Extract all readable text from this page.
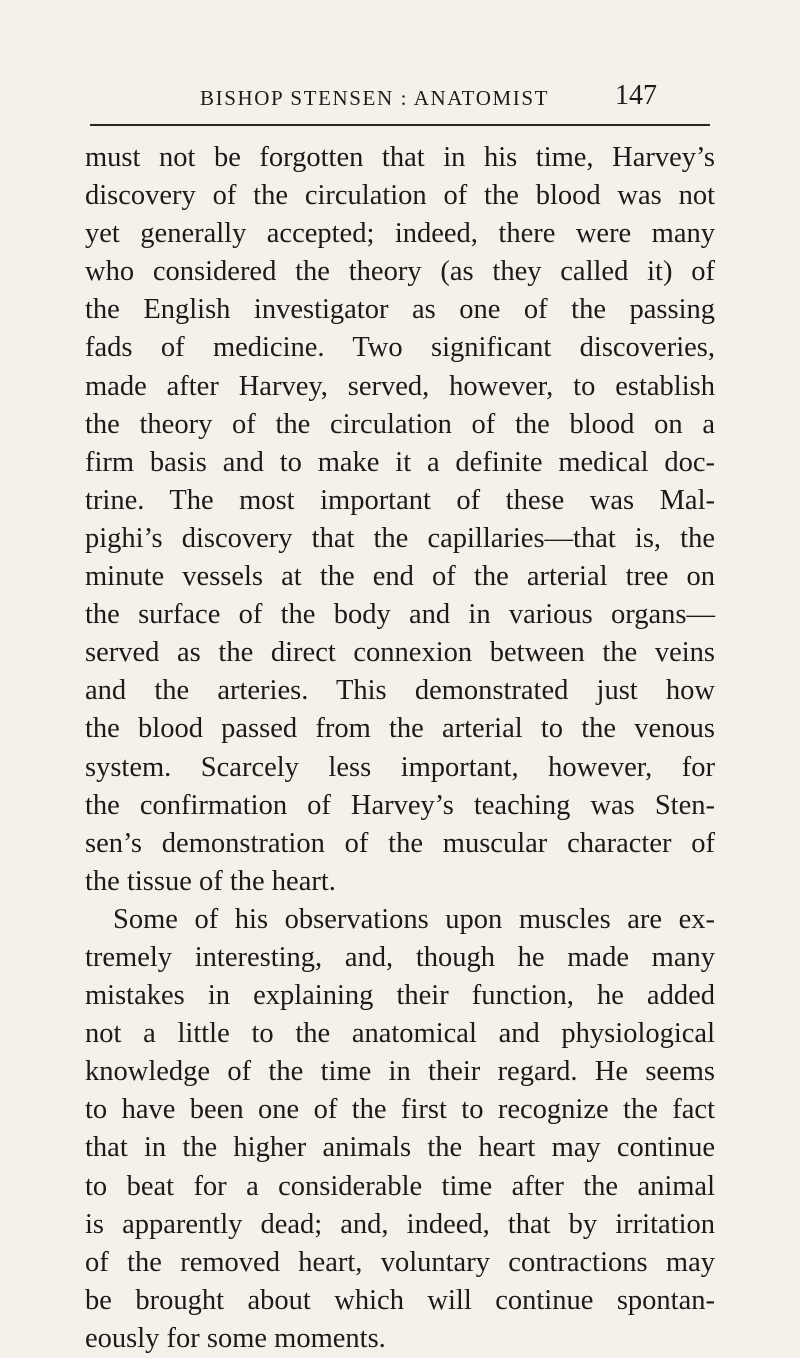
BISHOP STENSEN : ANATOMIST 147
must not be forgotten that in his time, Harvey’s
discovery of the circulation of the blood was not
yet generally accepted; indeed, there were many
who considered the theory (as they called it) of
the English investigator as one of the passing
fads of medicine. Two significant discoveries,
made after Harvey, served, however, to establish
the theory of the circulation of the blood on a
firm basis and to make it a definite medical doc-
trine. The most important of these was Mal-
pighi’s discovery that the capillaries—that is, the
minute vessels at the end of the arterial tree on
the surface of the body and in various organs—
served as the direct connexion between the veins
and the arteries. This demonstrated just how
the blood passed from the arterial to the venous
system. Scarcely less important, however, for
the confirmation of Harvey’s teaching was Sten-
sen’s demonstration of the muscular character of
the tissue of the heart.
Some of his observations upon muscles are ex-
tremely interesting, and, though he made many
mistakes in explaining their function, he added
not a little to the anatomical and physiological
knowledge of the time in their regard. He seems
to have been one of the first to recognize the fact
that in the higher animals the heart may continue
to beat for a considerable time after the animal
is apparently dead; and, indeed, that by irritation
of the removed heart, voluntary contractions may
be brought about which will continue spontan-
eously for some moments.
